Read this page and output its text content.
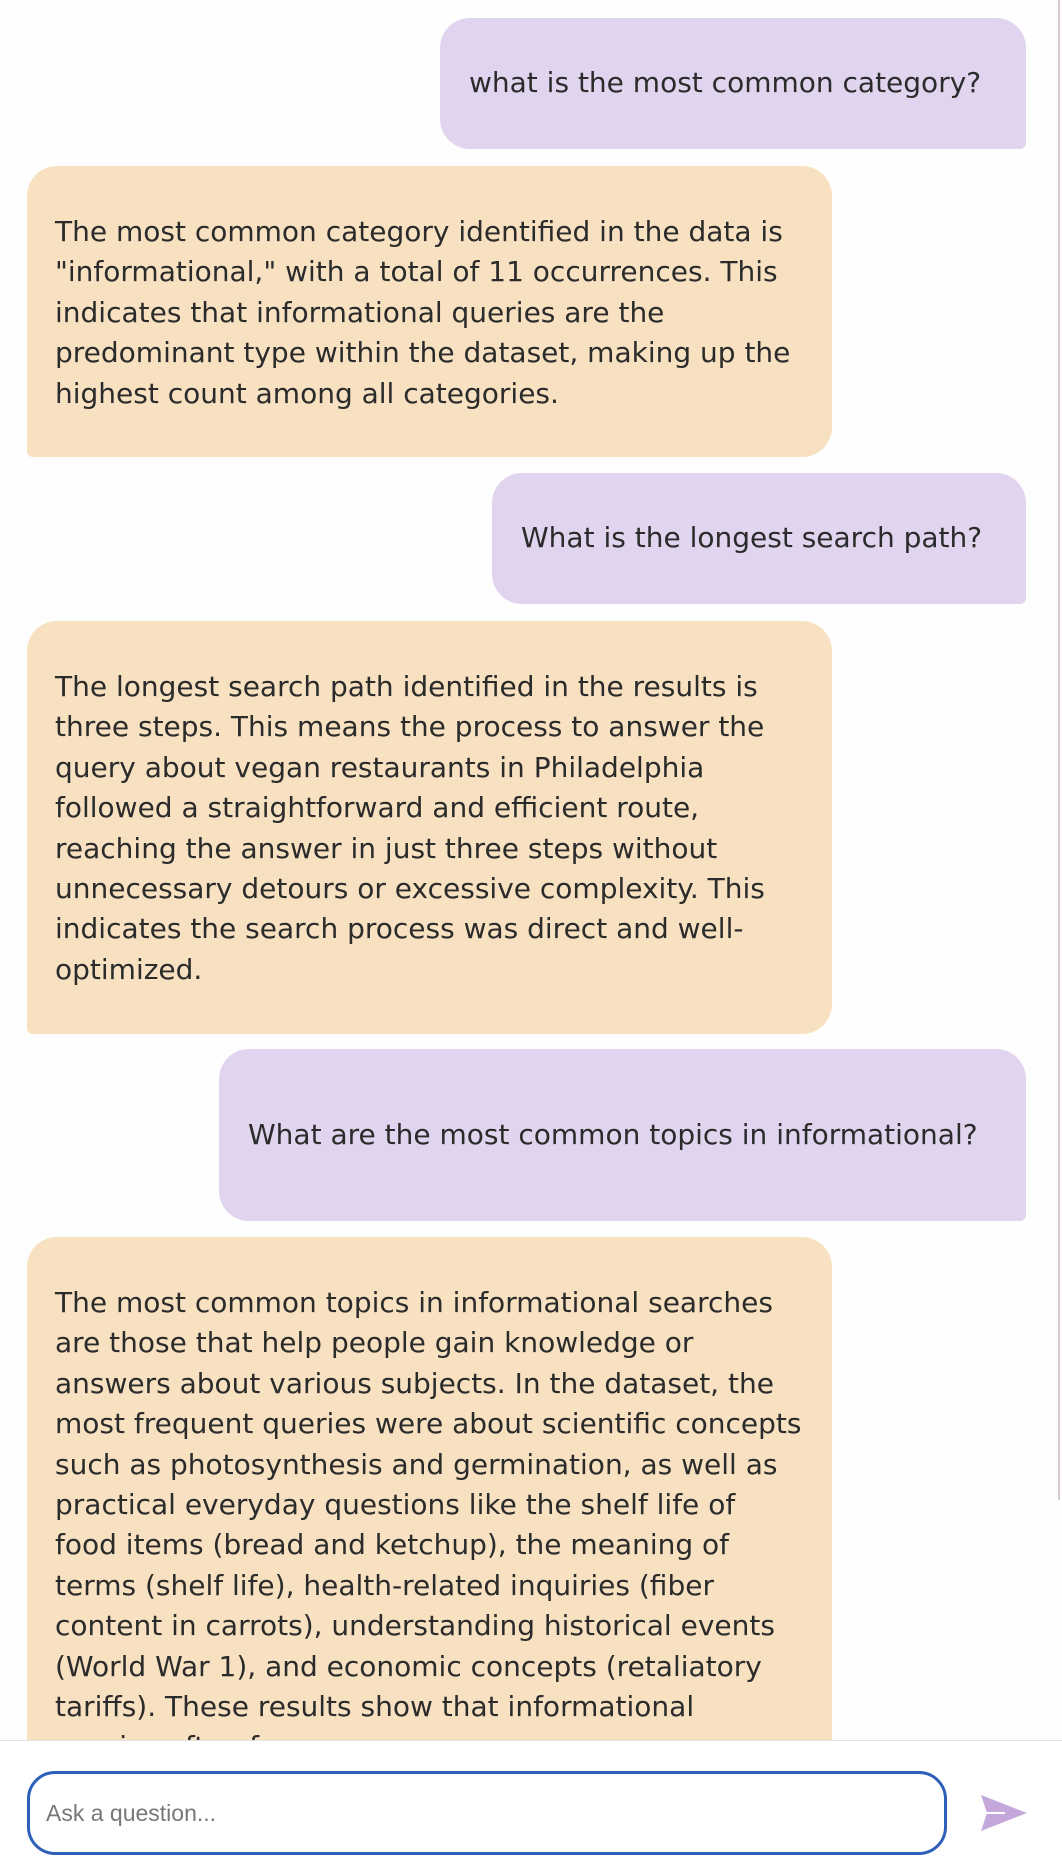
what is the most common category?
The most common category identified in the data is "informational," with a total of 11 occurrences. This indicates that informational queries are the predominant type within the dataset, making up the highest count among all categories.
What is the longest search path?
The longest search path identified in the results is three steps. This means the process to answer the query about vegan restaurants in Philadelphia followed a straightforward and efficient route, reaching the answer in just three steps without unnecessary detours or excessive complexity. This indicates the search process was direct and well-optimized.
What are the most common topics in informational?
The most common topics in informational searches are those that help people gain knowledge or answers about various subjects. In the dataset, the most frequent queries were about scientific concepts such as photosynthesis and germination, as well as practical everyday questions like the shelf life of food items (bread and ketchup), the meaning of terms (shelf life), health-related inquiries (fiber content in carrots), understanding historical events (World War 1), and economic concepts (retaliatory tariffs). These results show that informational
Ask a question...
